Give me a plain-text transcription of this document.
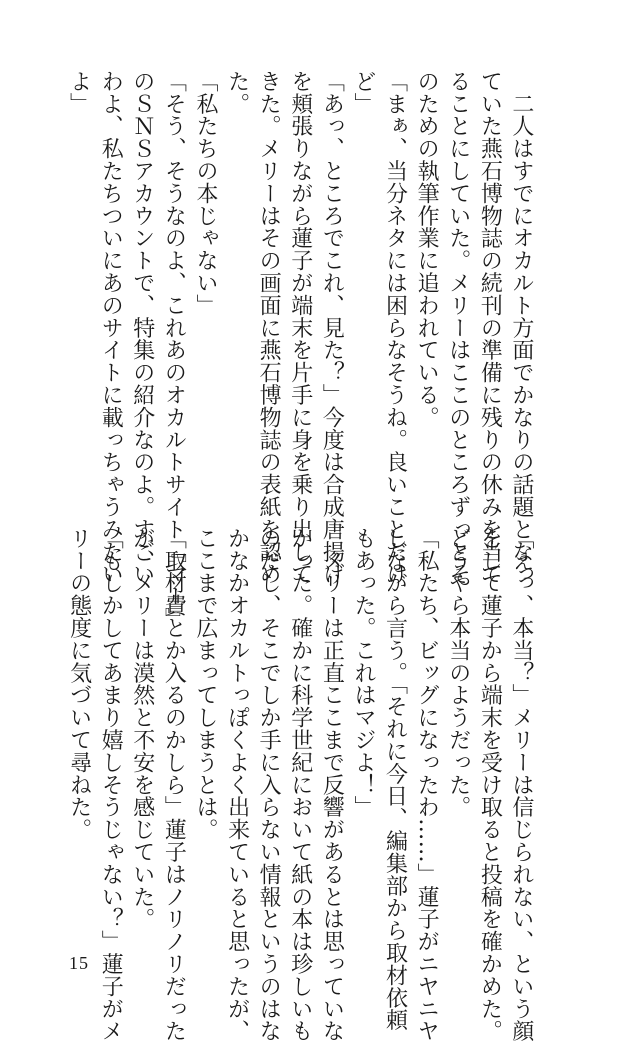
　二人はすでにオカルト方面でかなりの話題となっ
ていた燕石博物誌の続刊の準備に残りの休みを当て
ることにしていた。メリーはここのところずっとそ
のための執筆作業に追われている。
「まぁ、当分ネタには困らなそうね。良いことだけ
ど」
「あっ、ところでこれ、見た？」今度は合成唐揚げ
を頬張りながら蓮子が端末を片手に身を乗り出して
きた。メリーはその画面に燕石博物誌の表紙を認め
た。
「私たちの本じゃない」
「そう、そうなのよ、これあのオカルトサイト『マー』
のＳＮＳアカウントで、特集の紹介なのよ。すごい
わよ、私たちついにあのサイトに載っちゃうみたい
よ」
「えっ、本当？」メリーは信じられない、という顔
をして蓮子から端末を受け取ると投稿を確かめた。
どうやら本当のようだった。
「私たち、ビッグになったわ……」蓮子がニヤニヤ
しながら言う。「それに今日、編集部から取材依頼
もあった。これはマジよ！」
　メリーは正直ここまで反響があるとは思っていな
かった。確かに科学世紀において紙の本は珍しいも
のだし、そこでしか手に入らない情報というのはな
かなかオカルトっぽくよく出来ていると思ったが、
ここまで広まってしまうとは。
「取材費とか入るのかしら」蓮子はノリノリだった
が、メリーは漠然と不安を感じていた。
「もしかしてあまり嬉しそうじゃない？」蓮子がメ
リーの態度に気づいて尋ねた。
15
